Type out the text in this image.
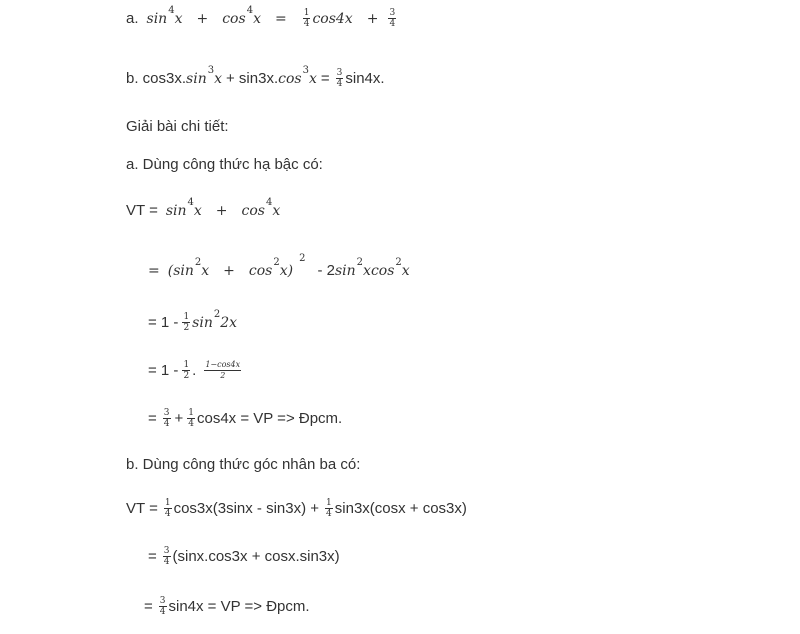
a. sin 4 x + cos 4 $x = \frac{1}{4} \cos 4x + \frac{3}{4}$
b. cos3x. sin 3 x + sin3x. cos 3 $x = \frac{3}{4} \sin 4x$.
Giải bài chi tiết:
a. Dùng công thức hạ bậc có:
VT = sin 4 x + cos 4 x
= (sin 2 x + cos 2 x)
2
- 2 sin 2 xcos 2 x
= $1 - \frac{1}{2}$ sin 2 2x
= $1 - \frac{1}{2}$ . $\frac{1-\cos 4x}{2}$
= $\frac{3}{4} + \frac{1}{4} \cos 4x$ = VP => Đpcm.
b. Dùng công thức góc nhân ba có:
VT = $\frac{1}{4} \cos 3x(3\sin x - \sin 3x) + \frac{1}{4} \sin 3x(\cos x + \cos 3x)$
= $\frac{3}{4} (\sin x.\cos 3x + \cos x.\sin 3x)$
= $\frac{3}{4} \sin 4x$ = VP => Đpcm.
